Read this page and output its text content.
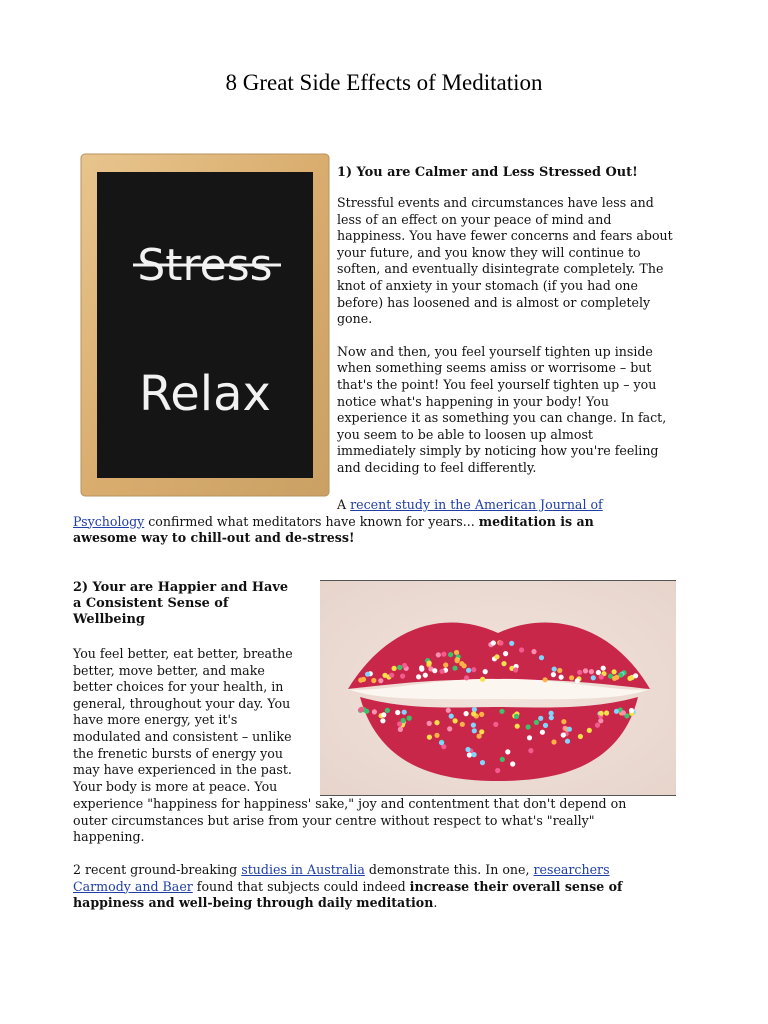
8 Great Side Effects of Meditation
Stress
Relax

1) You are Calmer and Less Stressed Out!

Stressful events and circumstances have less and
less of an effect on your peace of mind and
happiness. You have fewer concerns and fears about
your future, and you know they will continue to
soften, and eventually disintegrate completely. The
knot of anxiety in your stomach (if you had one
before) has loosened and is almost or completely
gone.

Now and then, you feel yourself tighten up inside
when something seems amiss or worrisome – but
that's the point! You feel yourself tighten up – you
notice what's happening in your body! You
experience it as something you can change. In fact,
you seem to be able to loosen up almost
immediately simply by noticing how you're feeling
and deciding to feel differently.

A recent study in the American Journal of
Psychology confirmed what meditators have known for years... meditation is an
awesome way to chill-out and de-stress!

2) Your are Happier and Have
a Consistent Sense of
Wellbeing

You feel better, eat better, breathe
better, move better, and make
better choices for your health, in
general, throughout your day. You
have more energy, yet it's
modulated and consistent – unlike
the frenetic bursts of energy you
may have experienced in the past.
Your body is more at peace. You

experience "happiness for happiness' sake," joy and contentment that don't depend on
outer circumstances but arise from your centre without respect to what's "really"
happening.

2 recent ground-breaking studies in Australia demonstrate this. In one, researchers
Carmody and Baer found that subjects could indeed increase their overall sense of
happiness and well-being through daily meditation.
